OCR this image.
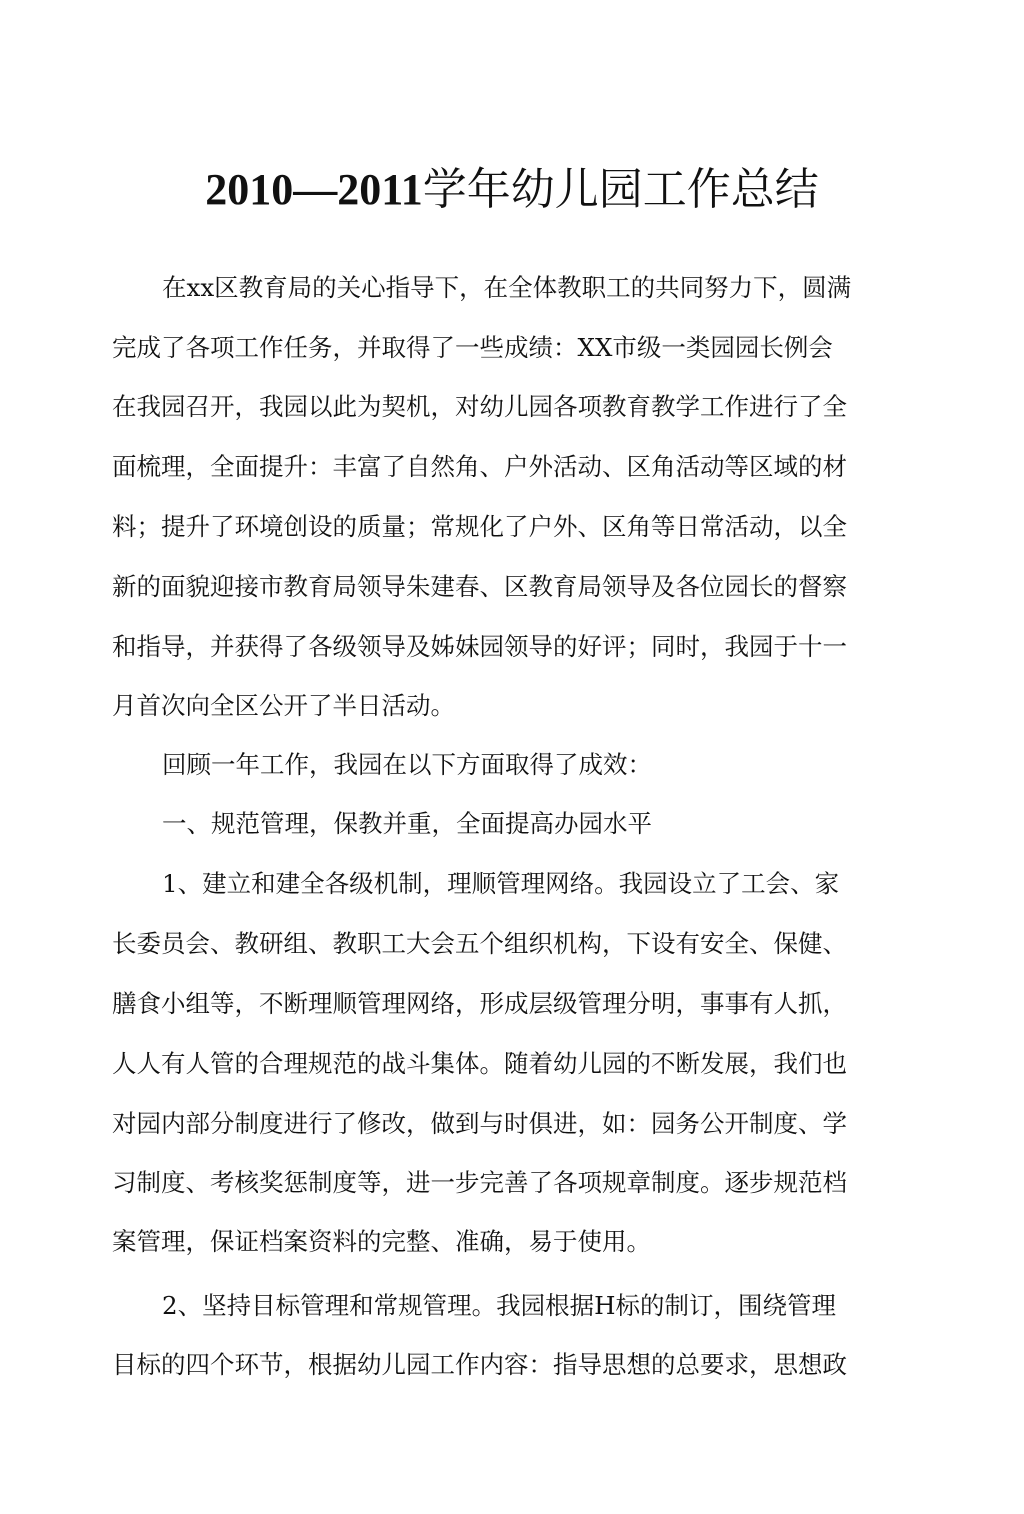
2010—2011学年幼儿园工作总结
在xx区教育局的关心指导下，在全体教职工的共同努力下，圆满
完成了各项工作任务，并取得了一些成绩：XX市级一类园园长例会
在我园召开，我园以此为契机，对幼儿园各项教育教学工作进行了全
面梳理，全面提升：丰富了自然角、户外活动、区角活动等区域的材
料；提升了环境创设的质量；常规化了户外、区角等日常活动，以全
新的面貌迎接市教育局领导朱建春、区教育局领导及各位园长的督察
和指导，并获得了各级领导及姊妹园领导的好评；同时，我园于十一
月首次向全区公开了半日活动。
回顾一年工作，我园在以下方面取得了成效：
一、规范管理，保教并重，全面提高办园水平
1、建立和建全各级机制，理顺管理网络。我园设立了工会、家
长委员会、教研组、教职工大会五个组织机构，下设有安全、保健、
膳食小组等，不断理顺管理网络，形成层级管理分明，事事有人抓，
人人有人管的合理规范的战斗集体。随着幼儿园的不断发展，我们也
对园内部分制度进行了修改，做到与时俱进，如：园务公开制度、学
习制度、考核奖惩制度等，进一步完善了各项规章制度。逐步规范档
案管理，保证档案资料的完整、准确，易于使用。
2、坚持目标管理和常规管理。我园根据H标的制订，围绕管理
目标的四个环节，根据幼儿园工作内容：指导思想的总要求，思想政
